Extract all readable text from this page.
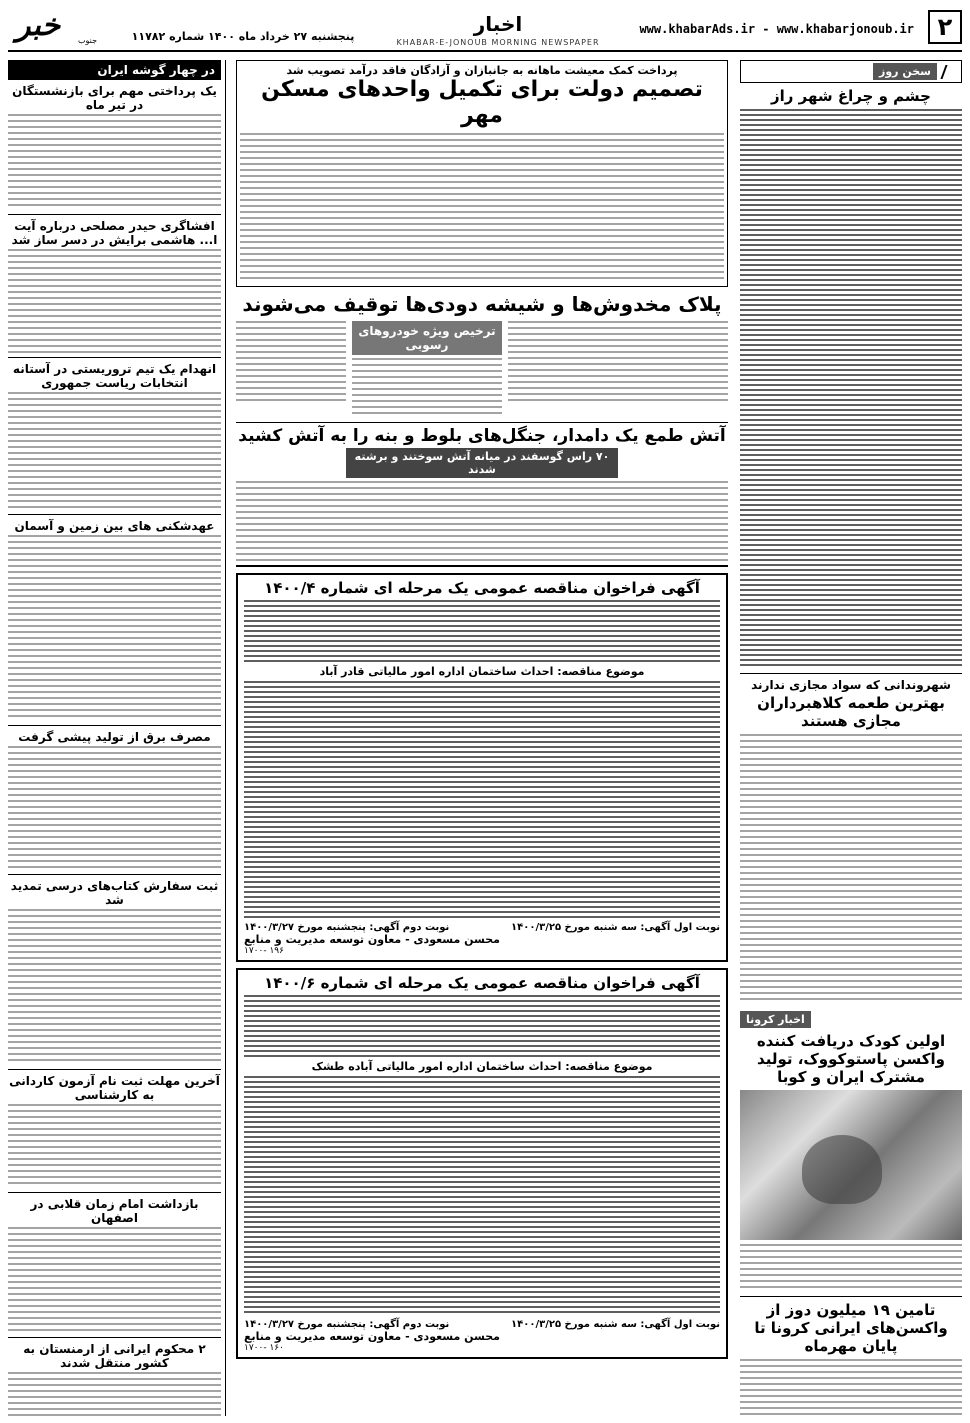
۲
www.khabarAds.ir - www.khabarjonoub.ir
اخبار
KHABAR-E-JONOUB MORNING NEWSPAPER
پنجشنبه ۲۷ خرداد ماه ۱۴۰۰ شماره ۱۱۷۸۲
خبر جنوب
سخن روز
چشم و چراغ شهر راز
شهروندانی که سواد مجازی ندارند
بهترین طعمه کلاهبرداران مجازی هستند
اخبار کرونا
اولین کودک دریافت کننده واکسن پاستوکووک، تولید مشترک ایران و کوبا
تامین ۱۹ میلیون دوز از واکسن‌های ایرانی کرونا تا پایان مهرماه
پرداخت کمک معیشت ماهانه به جانبازان و آزادگان فاقد درآمد تصویب شد
تصمیم دولت برای تکمیل واحدهای مسکن مهر
پلاک مخدوش‌ها و شیشه دودی‌ها توقیف می‌شوند
ترخیص ویژه خودروهای رسوبی
آتش طمع یک دامدار، جنگل‌های بلوط و بنه را به آتش کشید
۷۰ راس گوسفند در میانه آتش سوختند و برشته شدند
آگهی فراخوان مناقصه عمومی یک مرحله ای شماره ۱۴۰۰/۴
موضوع مناقصه: احداث ساختمان اداره امور مالیاتی قادر آباد
نوبت اول آگهی: سه شنبه مورخ ۱۴۰۰/۳/۲۵
نوبت دوم آگهی: پنجشنبه مورخ ۱۴۰۰/۳/۲۷
محسن مسعودی - معاون توسعه مدیریت و منابع
۱۷۰۰- ۱۹۶
آگهی فراخوان مناقصه عمومی یک مرحله ای شماره ۱۴۰۰/۶
موضوع مناقصه: احداث ساختمان اداره امور مالیاتی آباده طشک
نوبت اول آگهی: سه شنبه مورخ ۱۴۰۰/۳/۲۵
نوبت دوم آگهی: پنجشنبه مورخ ۱۴۰۰/۳/۲۷
محسن مسعودی - معاون توسعه مدیریت و منابع
۱۷۰۰- ۱۶۰
در چهار گوشه ایران
یک پرداختی مهم برای بازنشستگان در تیر ماه
افشاگری حیدر مصلحی درباره آیت ا... هاشمی برایش در دسر ساز شد
انهدام یک تیم تروریستی در آستانه انتخابات ریاست جمهوری
عهدشکنی های بین زمین و آسمان
مصرف برق از تولید پیشی گرفت
ثبت سفارش کتاب‌های درسی تمدید شد
آخرین مهلت ثبت نام آزمون کاردانی به کارشناسی
بازداشت امام زمان قلابی در اصفهان
۲ محکوم ایرانی از ارمنستان به کشور منتقل شدند
